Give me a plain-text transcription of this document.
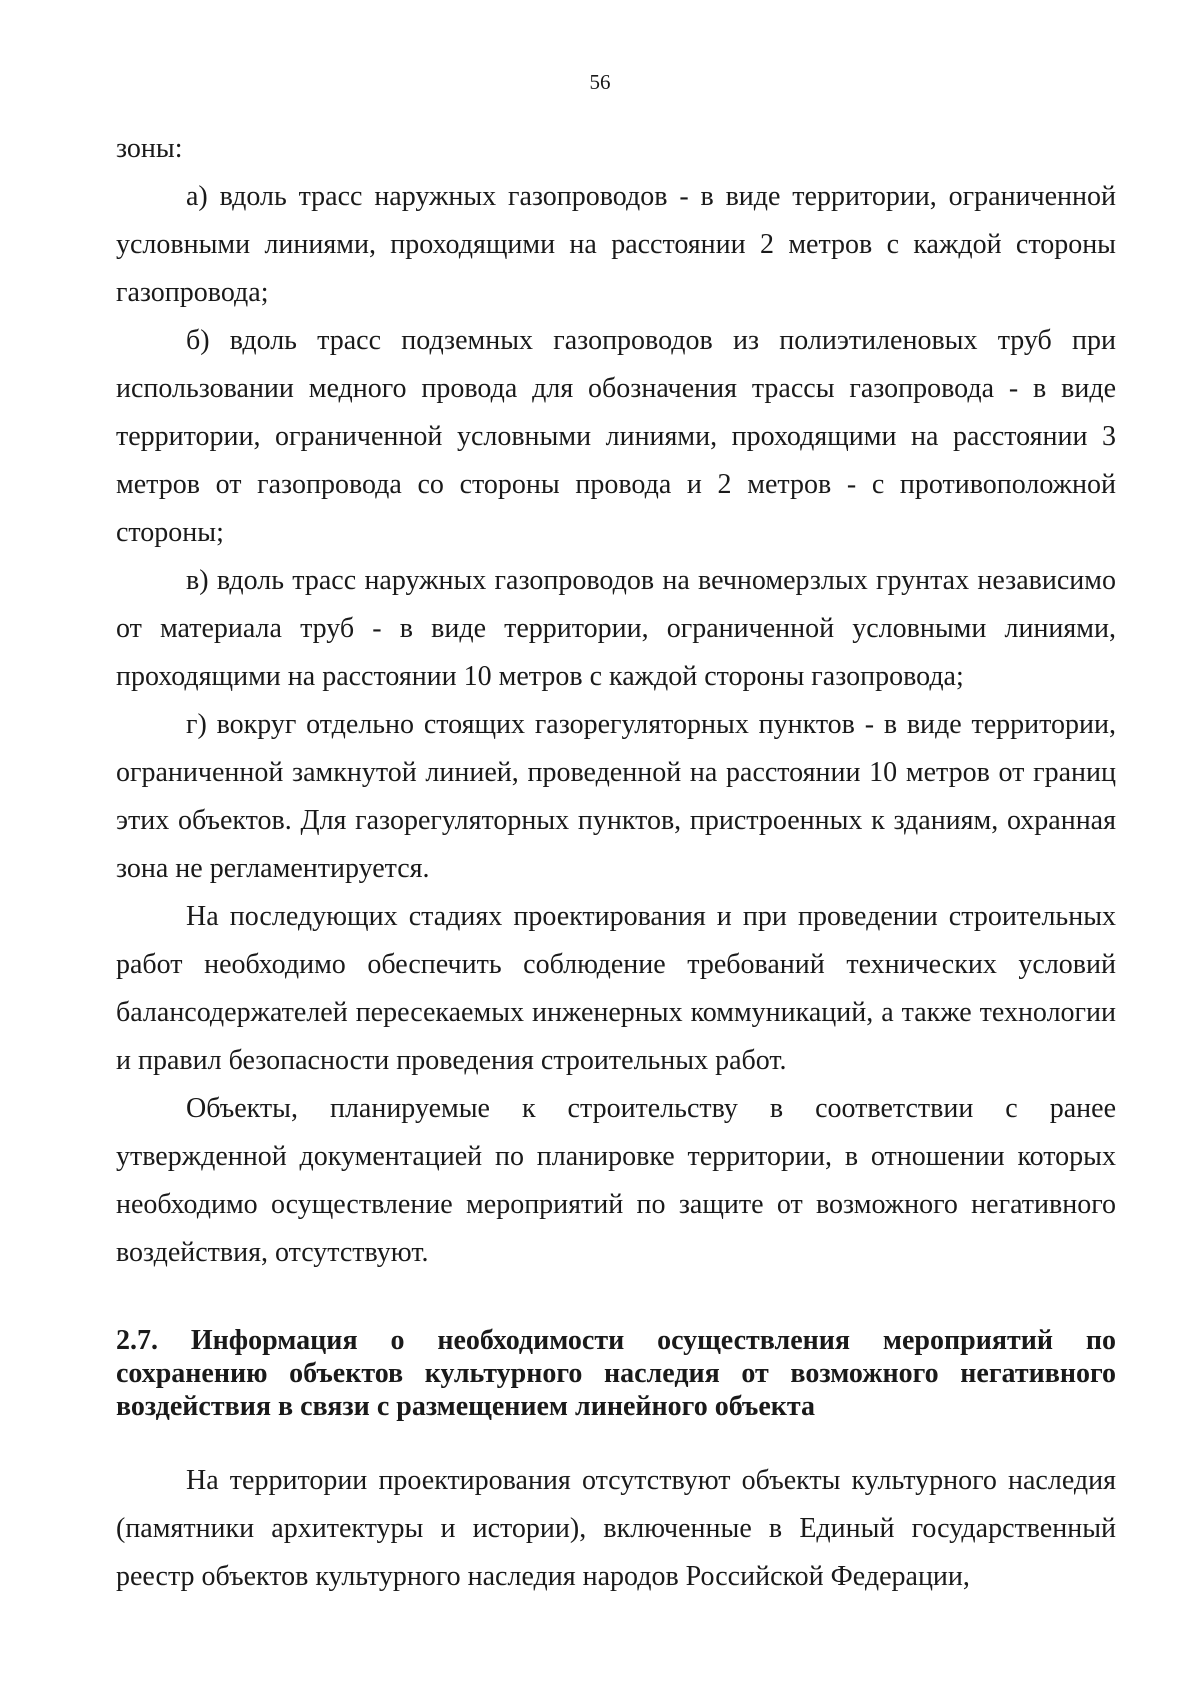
56

зоны:

а) вдоль трасс наружных газопроводов - в виде территории, ограниченной условными линиями, проходящими на расстоянии 2 метров с каждой стороны газопровода;

б) вдоль трасс подземных газопроводов из полиэтиленовых труб при использовании медного провода для обозначения трассы газопровода - в виде территории, ограниченной условными линиями, проходящими на расстоянии 3 метров от газопровода со стороны провода и 2 метров - с противоположной стороны;

в) вдоль трасс наружных газопроводов на вечномерзлых грунтах независимо от материала труб - в виде территории, ограниченной условными линиями, проходящими на расстоянии 10 метров с каждой стороны газопровода;

г) вокруг отдельно стоящих газорегуляторных пунктов - в виде территории, ограниченной замкнутой линией, проведенной на расстоянии 10 метров от границ этих объектов. Для газорегуляторных пунктов, пристроенных к зданиям, охранная зона не регламентируется.

На последующих стадиях проектирования и при проведении строительных работ необходимо обеспечить соблюдение требований технических условий балансодержателей пересекаемых инженерных коммуникаций, а также технологии и правил безопасности проведения строительных работ.

Объекты, планируемые к строительству в соответствии с ранее утвержденной документацией по планировке территории, в отношении которых необходимо осуществление мероприятий по защите от возможного негативного воздействия, отсутствуют.

2.7. Информация о необходимости осуществления мероприятий по сохранению объектов культурного наследия от возможного негативного воздействия в связи с размещением линейного объекта

На территории проектирования отсутствуют объекты культурного наследия (памятники архитектуры и истории), включенные в Единый государственный реестр объектов культурного наследия народов Российской Федерации,
